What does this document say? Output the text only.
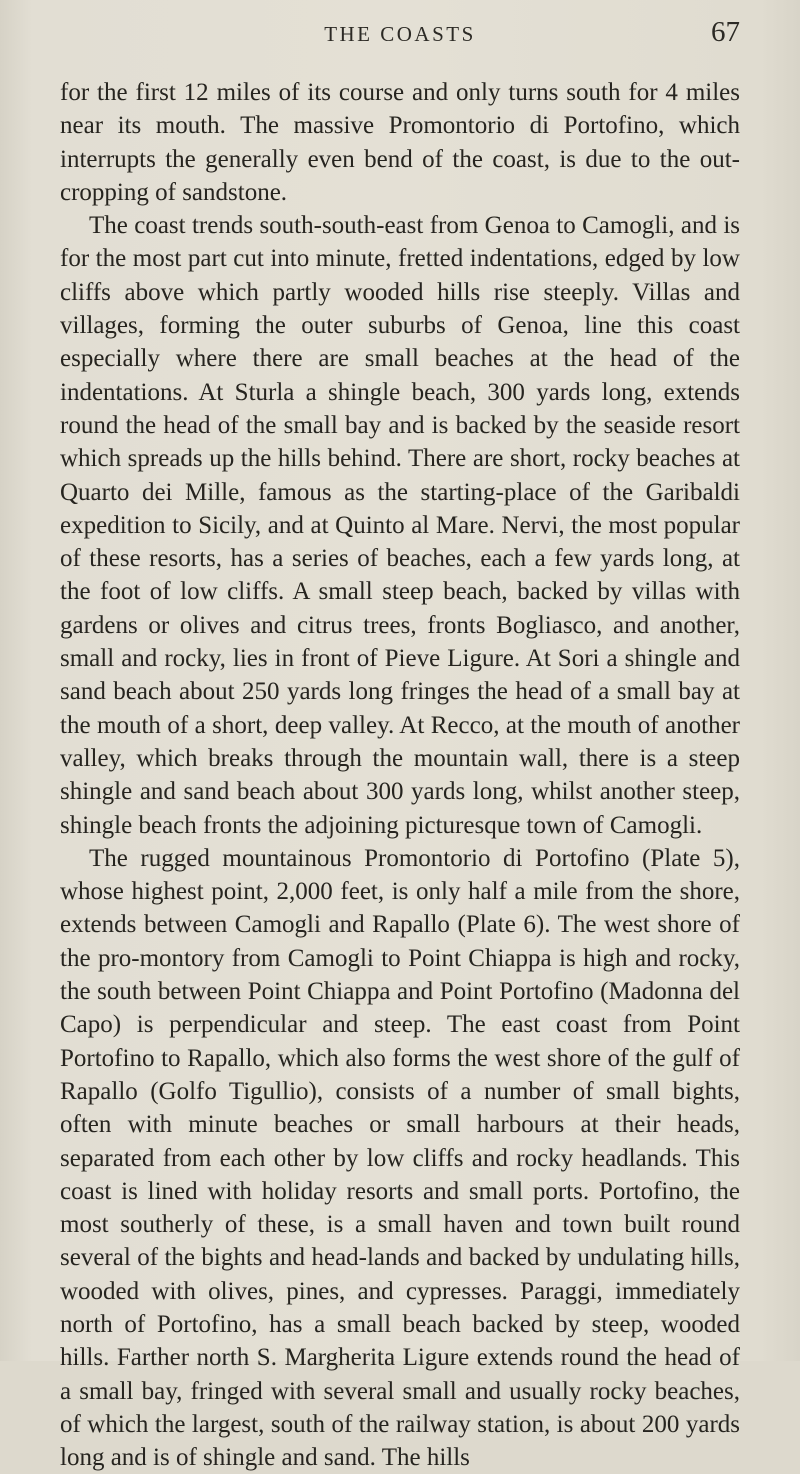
THE COASTS	67

for the first 12 miles of its course and only turns south for 4 miles near its mouth. The massive Promontorio di Portofino, which interrupts the generally even bend of the coast, is due to the out-cropping of sandstone.

The coast trends south-south-east from Genoa to Camogli, and is for the most part cut into minute, fretted indentations, edged by low cliffs above which partly wooded hills rise steeply. Villas and villages, forming the outer suburbs of Genoa, line this coast especially where there are small beaches at the head of the indentations. At Sturla a shingle beach, 300 yards long, extends round the head of the small bay and is backed by the seaside resort which spreads up the hills behind. There are short, rocky beaches at Quarto dei Mille, famous as the starting-place of the Garibaldi expedition to Sicily, and at Quinto al Mare. Nervi, the most popular of these resorts, has a series of beaches, each a few yards long, at the foot of low cliffs. A small steep beach, backed by villas with gardens or olives and citrus trees, fronts Bogliasco, and another, small and rocky, lies in front of Pieve Ligure. At Sori a shingle and sand beach about 250 yards long fringes the head of a small bay at the mouth of a short, deep valley. At Recco, at the mouth of another valley, which breaks through the mountain wall, there is a steep shingle and sand beach about 300 yards long, whilst another steep, shingle beach fronts the adjoining picturesque town of Camogli.

The rugged mountainous Promontorio di Portofino (Plate 5), whose highest point, 2,000 feet, is only half a mile from the shore, extends between Camogli and Rapallo (Plate 6). The west shore of the pro-montory from Camogli to Point Chiappa is high and rocky, the south between Point Chiappa and Point Portofino (Madonna del Capo) is perpendicular and steep. The east coast from Point Portofino to Rapallo, which also forms the west shore of the gulf of Rapallo (Golfo Tigullio), consists of a number of small bights, often with minute beaches or small harbours at their heads, separated from each other by low cliffs and rocky headlands. This coast is lined with holiday resorts and small ports. Portofino, the most southerly of these, is a small haven and town built round several of the bights and head-lands and backed by undulating hills, wooded with olives, pines, and cypresses. Paraggi, immediately north of Portofino, has a small beach backed by steep, wooded hills. Farther north S. Margherita Ligure extends round the head of a small bay, fringed with several small and usually rocky beaches, of which the largest, south of the railway station, is about 200 yards long and is of shingle and sand. The hills
